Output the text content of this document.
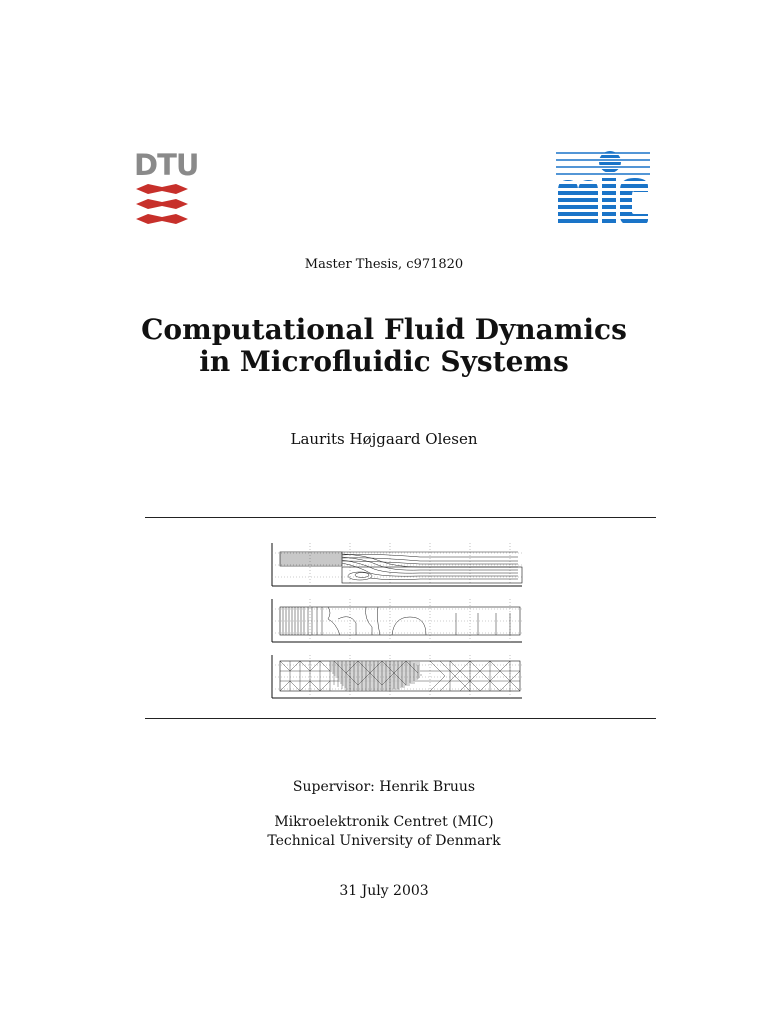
DTU
Master Thesis, c971820
Computational Fluid Dynamics
in Microfluidic Systems
Laurits Højgaard Olesen
Supervisor: Henrik Bruus
Mikroelektronik Centret (MIC)
Technical University of Denmark
31 July 2003
